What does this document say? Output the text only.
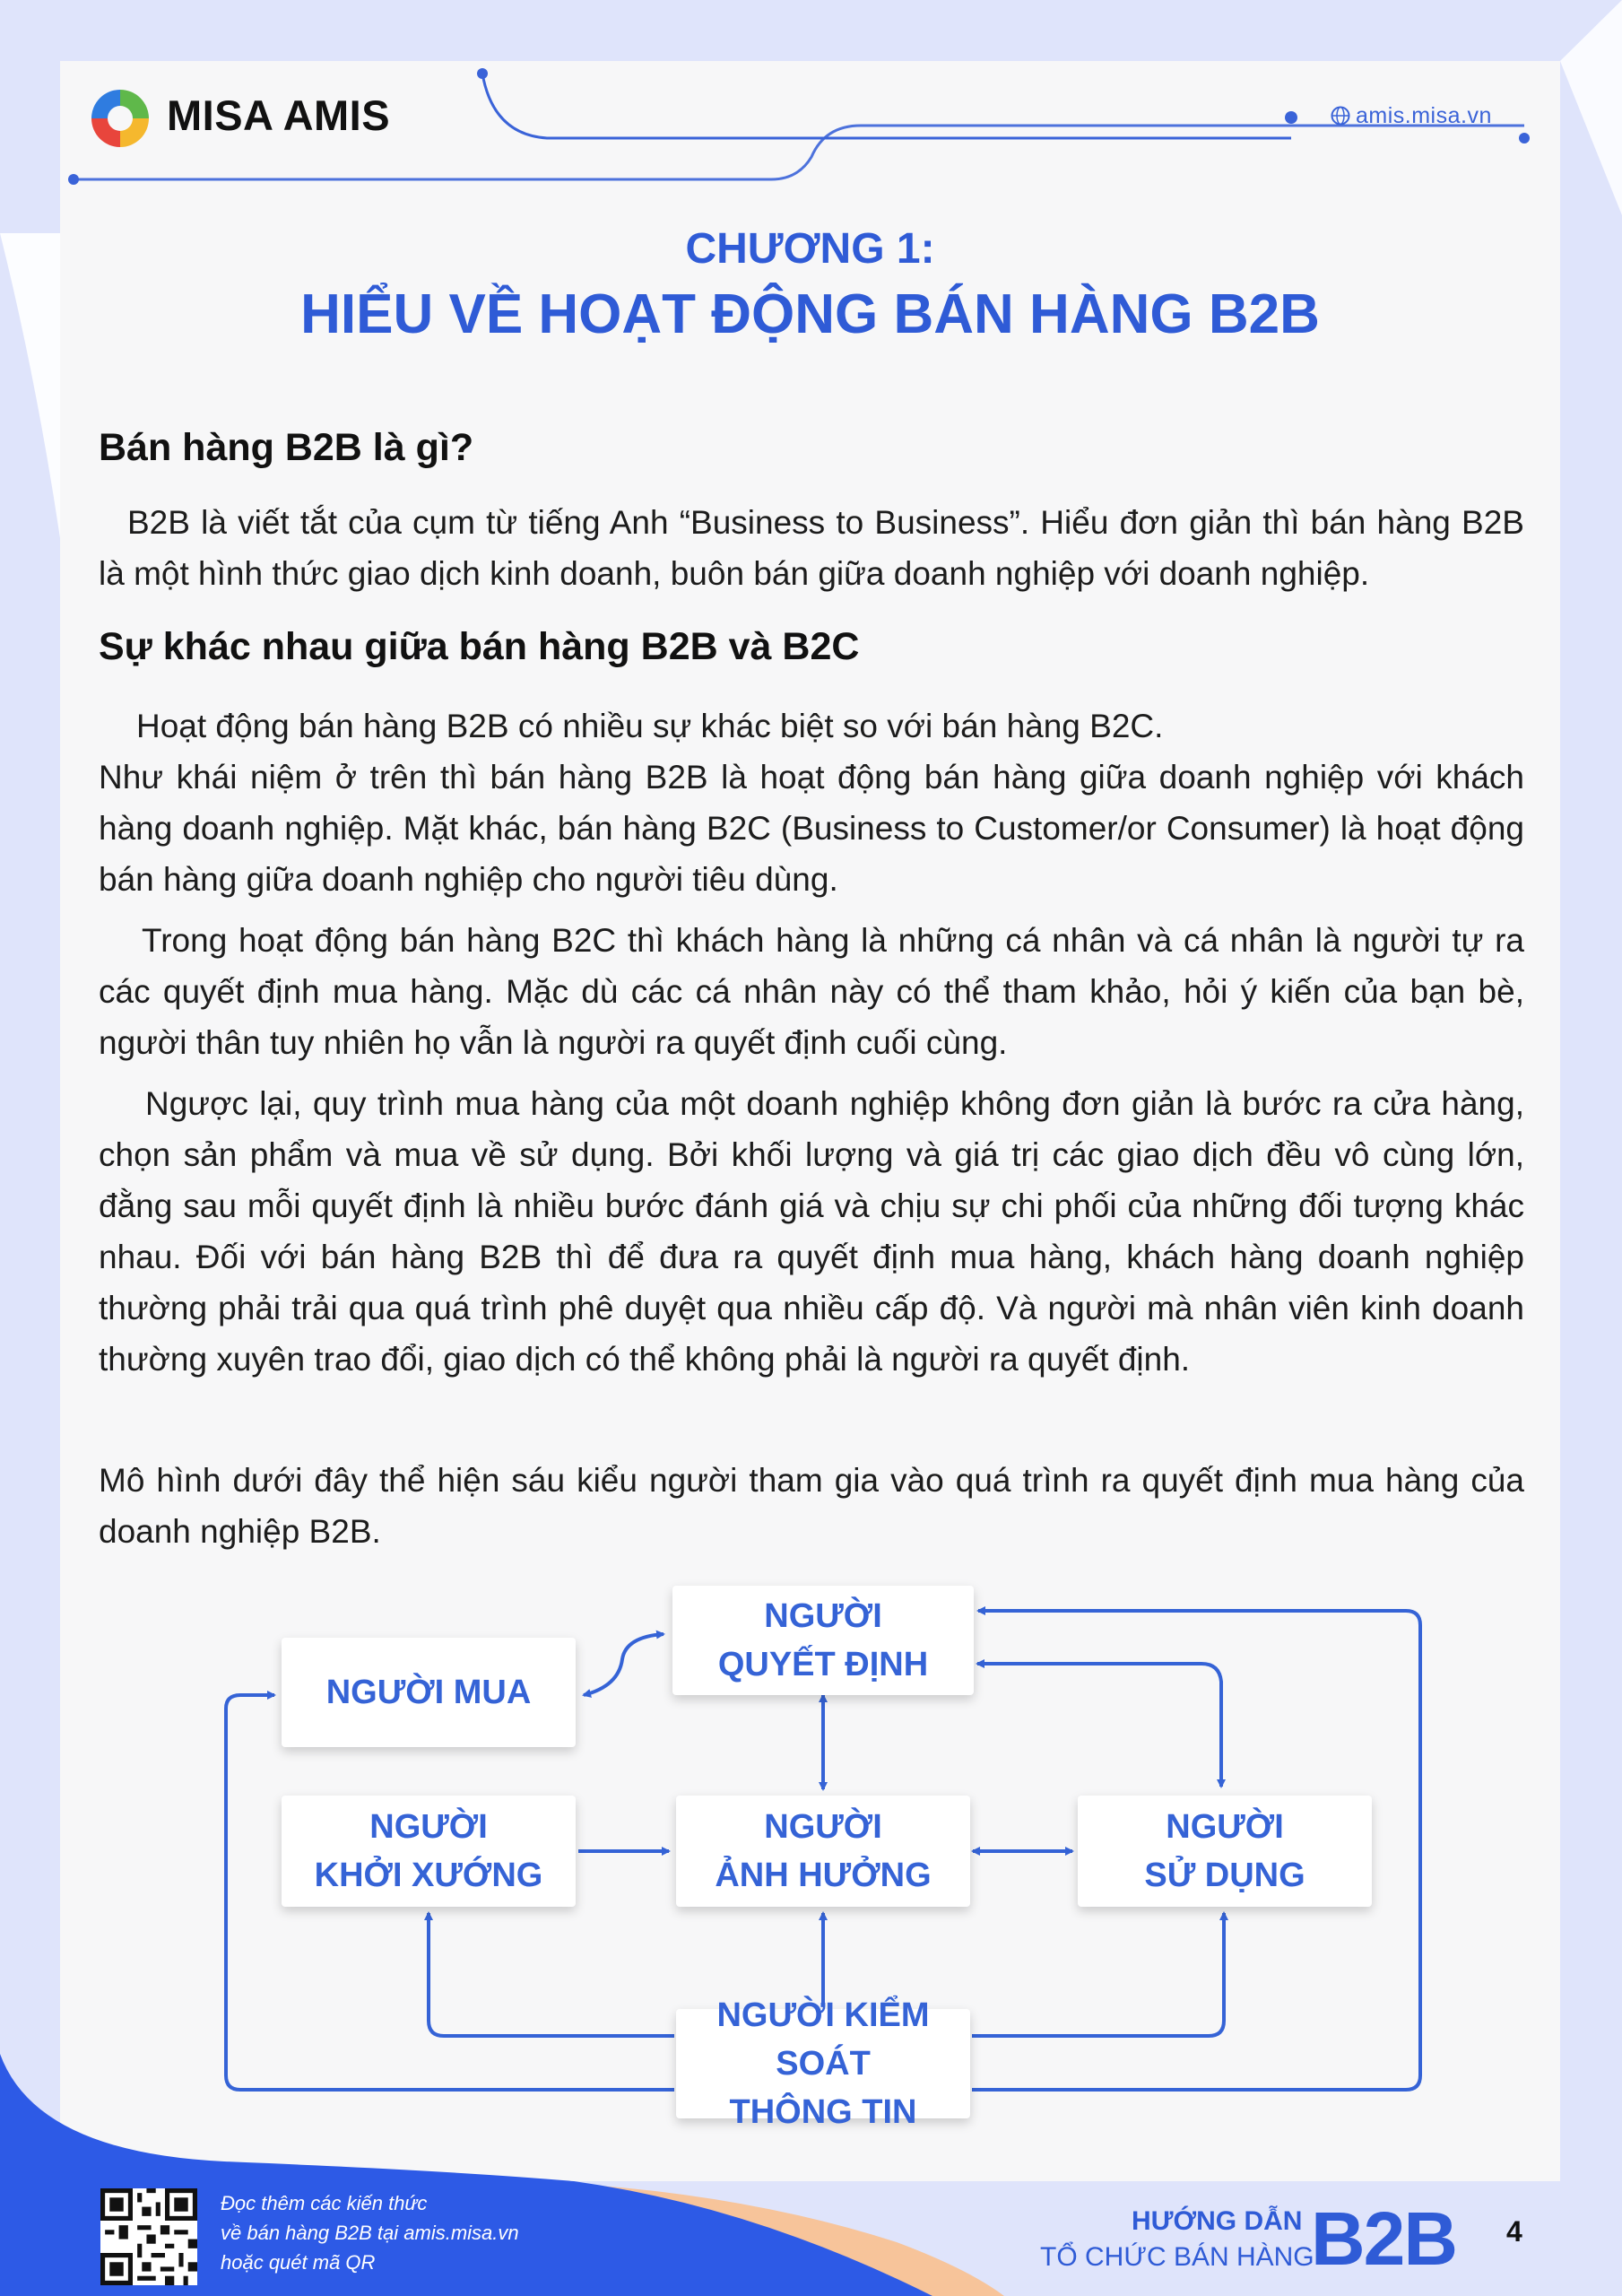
MISA AMIS	amis.misa.vn
CHƯƠNG 1:
HIỂU VỀ HOẠT ĐỘNG BÁN HÀNG B2B
Bán hàng B2B là gì?
B2B là viết tắt của cụm từ tiếng Anh “Business to Business”. Hiểu đơn giản thì bán hàng B2B là một hình thức giao dịch kinh doanh, buôn bán giữa doanh nghiệp với doanh nghiệp.
Sự khác nhau giữa bán hàng B2B và B2C
Hoạt động bán hàng B2B có nhiều sự khác biệt so với bán hàng B2C.
Như khái niệm ở trên thì bán hàng B2B là hoạt động bán hàng giữa doanh nghiệp với khách hàng doanh nghiệp. Mặt khác, bán hàng B2C (Business to Customer/or Consumer) là hoạt động bán hàng giữa doanh nghiệp cho người tiêu dùng.
Trong hoạt động bán hàng B2C thì khách hàng là những cá nhân và cá nhân là người tự ra các quyết định mua hàng. Mặc dù các cá nhân này có thể tham khảo, hỏi ý kiến của bạn bè, người thân tuy nhiên họ vẫn là người ra quyết định cuối cùng.
Ngược lại, quy trình mua hàng của một doanh nghiệp không đơn giản là bước ra cửa hàng, chọn sản phẩm và mua về sử dụng. Bởi khối lượng và giá trị các giao dịch đều vô cùng lớn, đằng sau mỗi quyết định là nhiều bước đánh giá và chịu sự chi phối của những đối tượng khác nhau. Đối với bán hàng B2B thì để đưa ra quyết định mua hàng, khách hàng doanh nghiệp thường phải trải qua quá trình phê duyệt qua nhiều cấp độ. Và người mà nhân viên kinh doanh thường xuyên trao đổi, giao dịch có thể không phải là người ra quyết định.
Mô hình dưới đây thể hiện sáu kiểu người tham gia vào quá trình ra quyết định mua hàng của doanh nghiệp B2B.
NGƯỜI MUA
NGƯỜI
QUYẾT ĐỊNH
NGƯỜI
KHỞI XƯỚNG
NGƯỜI
ẢNH HƯỞNG
NGƯỜI
SỬ DỤNG
NGƯỜI KIỂM SOÁT
THÔNG TIN
Đọc thêm các kiến thức
về bán hàng B2B tại amis.misa.vn
hoặc quét mã QR
HƯỚNG DẪN
TỔ CHỨC BÁN HÀNG
B2B 4
